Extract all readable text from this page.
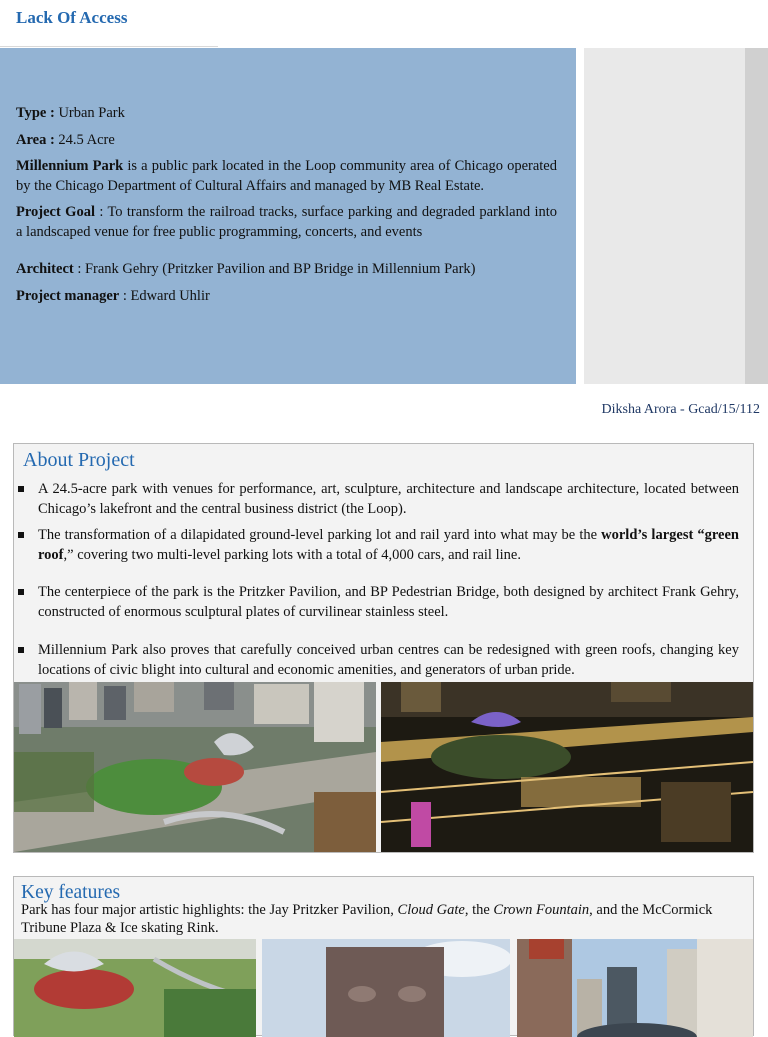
Lack Of Access

Type : Urban Park

Area : 24.5 Acre

Millennium Park is a public park located in the Loop community area of Chicago operated by the Chicago Department of Cultural Affairs and managed by MB Real Estate.

Project Goal : To transform the railroad tracks, surface parking and degraded parkland into a landscaped venue for free public programming, concerts, and events

Architect : Frank Gehry (Pritzker Pavilion and BP Bridge in Millennium Park)

Project manager : Edward Uhlir

Diksha Arora - Gcad/15/112
About Project
A 24.5-acre park with venues for performance, art, sculpture, architecture and landscape architecture, located between Chicago’s lakefront and the central business district (the Loop).
The transformation of a dilapidated ground-level parking lot and rail yard into what may be the world’s largest “green roof,” covering two multi-level parking lots with a total of 4,000 cars, and rail line.
The centerpiece of the park is the Pritzker Pavilion, and BP Pedestrian Bridge, both designed by architect Frank Gehry, constructed of enormous sculptural plates of curvilinear stainless steel.
Millennium Park also proves that carefully conceived urban centres can be redesigned with green roofs, changing key locations of civic blight into cultural and economic amenities, and generators of urban pride.
Key features
Park has four major artistic highlights: the Jay Pritzker Pavilion, Cloud Gate, the Crown Fountain, and the McCormick Tribune Plaza & Ice skating Rink.
